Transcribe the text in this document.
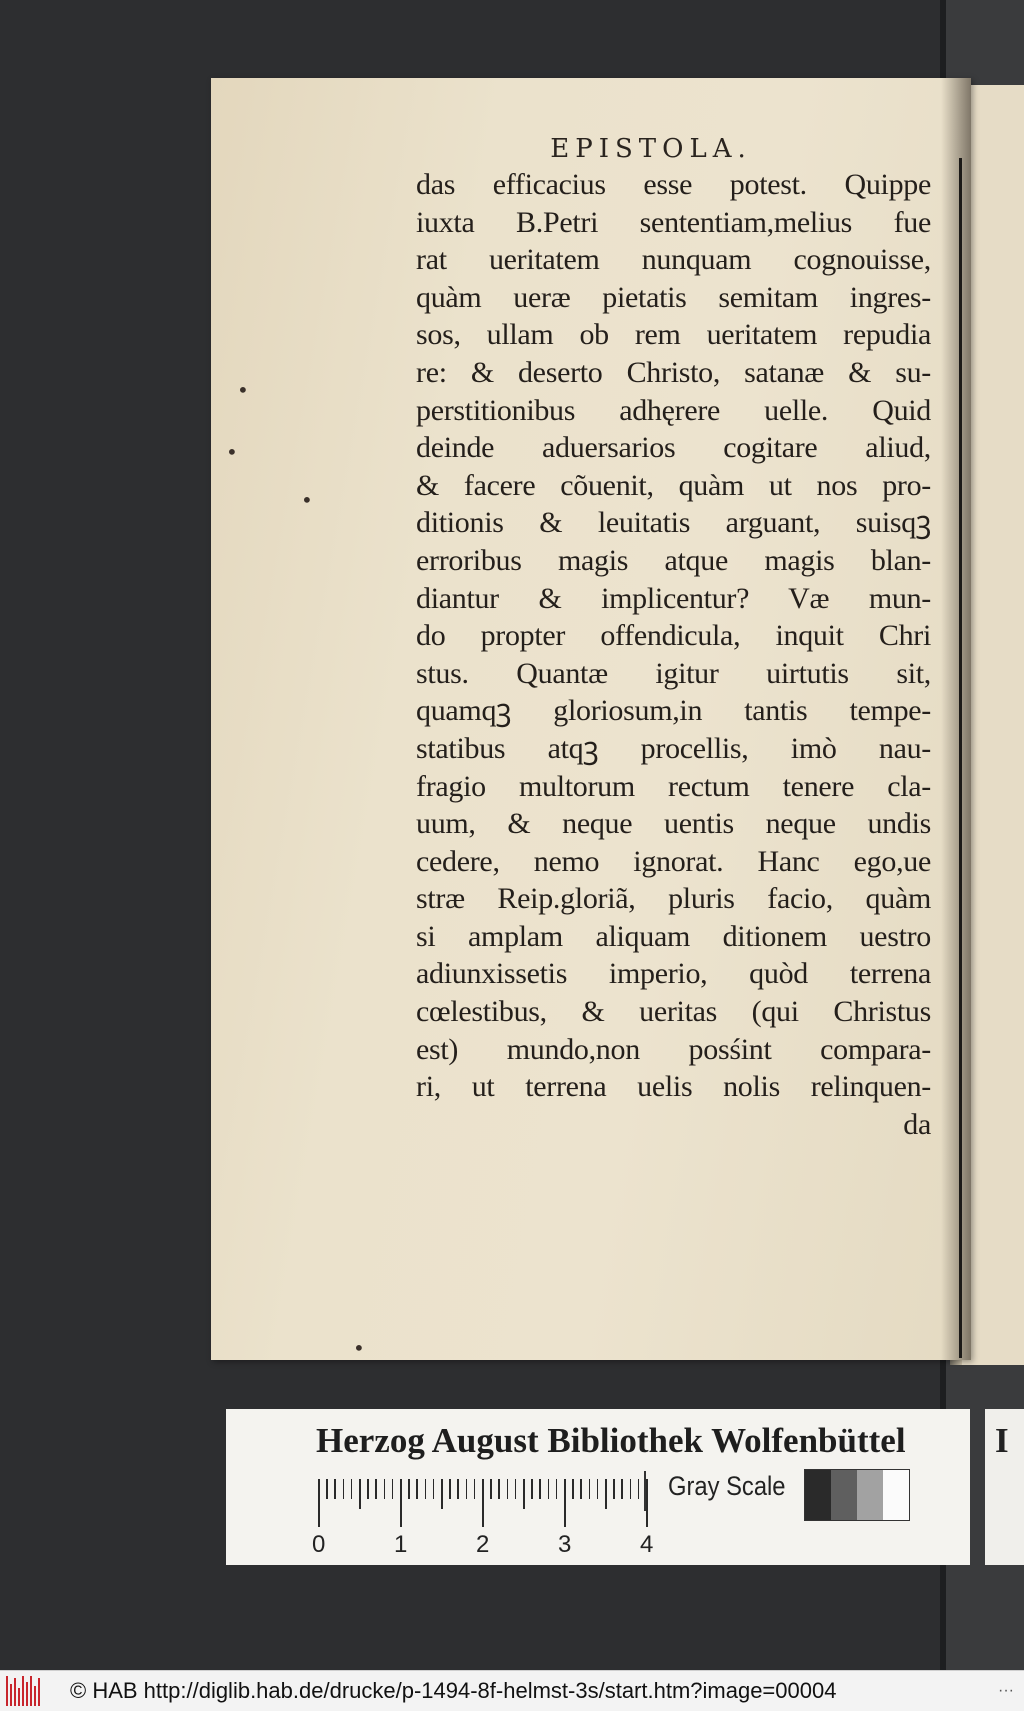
EPISTOLA.
•
•
•
•
das efficacius esse potest. Quippe
iuxta B.Petri sententiam,melius fue
rat ueritatem nunquam cognouisse,
quàm ueræ pietatis semitam ingres-
sos, ullam ob rem ueritatem repudia
re: & deserto Christo, satanæ & su-
perstitionibus adhęrere uelle. Quid
deinde aduersarios cogitare aliud,
& facere cõuenit, quàm ut nos pro-
ditionis & leuitatis arguant, suisqꝫ
erroribus magis atque magis blan-
diantur & implicentur? Væ mun-
do propter offendicula, inquit Chri
stus. Quantæ igitur uirtutis sit,
quamqꝫ gloriosum,in tantis tempe-
statibus atqꝫ procellis, imò nau-
fragio multorum rectum tenere cla-
uum, & neque uentis neque undis
cedere, nemo ignorat. Hanc ego,ue
stræ Reip.gloriã, pluris facio, quàm
si amplam aliquam ditionem uestro
adiunxissetis imperio, quòd terrena
cœlestibus, & ueritas (qui Christus
est) mundo,non posśint compara-
ri, ut terrena uelis nolis relinquen-
da
Herzog August Bibliothek Wolfenbüttel
0	1	2	3	4
Gray Scale
I
© HAB http://diglib.hab.de/drucke/p-1494-8f-helmst-3s/start.htm?image=00004	···
